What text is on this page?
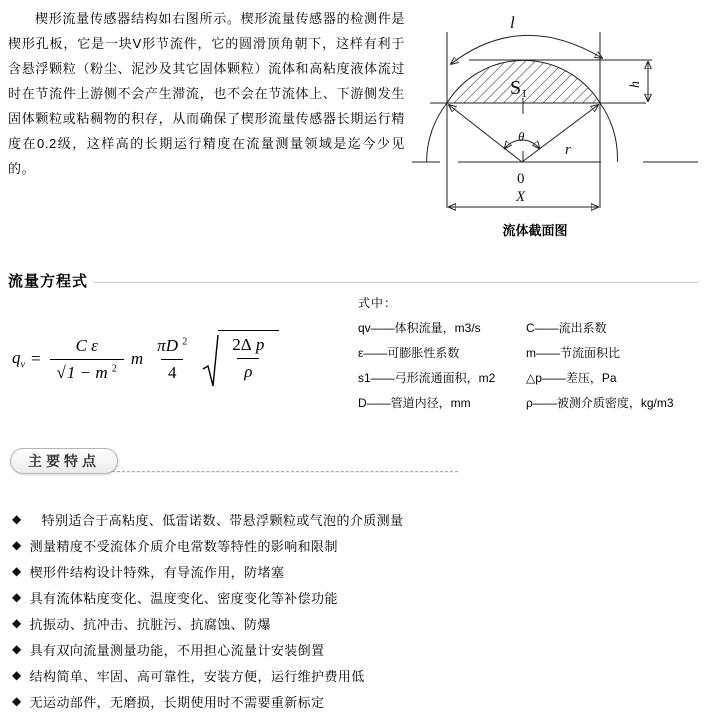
楔形流量传感器结构如右图所示。楔形流量传感器的检测件是楔形孔板，它是一块V形节流件，它的圆滑顶角朝下，这样有利于含悬浮颗粒（粉尘、泥沙及其它固体颗粒）流体和高粘度液体流过时在节流件上游侧不会产生滞流，也不会在节流体上、下游侧发生固体颗粒或粘稠物的积存，从而确保了楔形流量传感器长期运行精度在0.2级，这样高的长期运行精度在流量测量领域是迄今少见的。

l
S1
r
θ
0
X
h
流体截面图
流量方程式
$q_v = \frac{\text{C ε}}{√1 - m ^2}$ m $\frac{\pi D ^2}{4} \frac{\text{2Δ p}}{\rho}$
式中：
qv——体积流量，m3/s	C——流出系数
ε——可膨胀性系数	m——节流面积比
s1——弓形流通面积，m2	△p——差压，Pa
D——管道内径，mm	ρ——被测介质密度，kg/m3
主要特点
◆	特别适合于高粘度、低雷诺数、带悬浮颗粒或气泡的介质测量
◆ 测量精度不受流体介质介电常数等特性的影响和限制
◆ 楔形件结构设计特殊，有导流作用，防堵塞
◆ 具有流体粘度变化、温度变化、密度变化等补偿功能
◆ 抗振动、抗冲击、抗脏污、抗腐蚀、防爆
◆ 具有双向流量测量功能，不用担心流量计安装倒置
◆ 结构简单、牢固、高可靠性，安装方便，运行维护费用低
◆ 无运动部件，无磨损，长期使用时不需要重新标定
